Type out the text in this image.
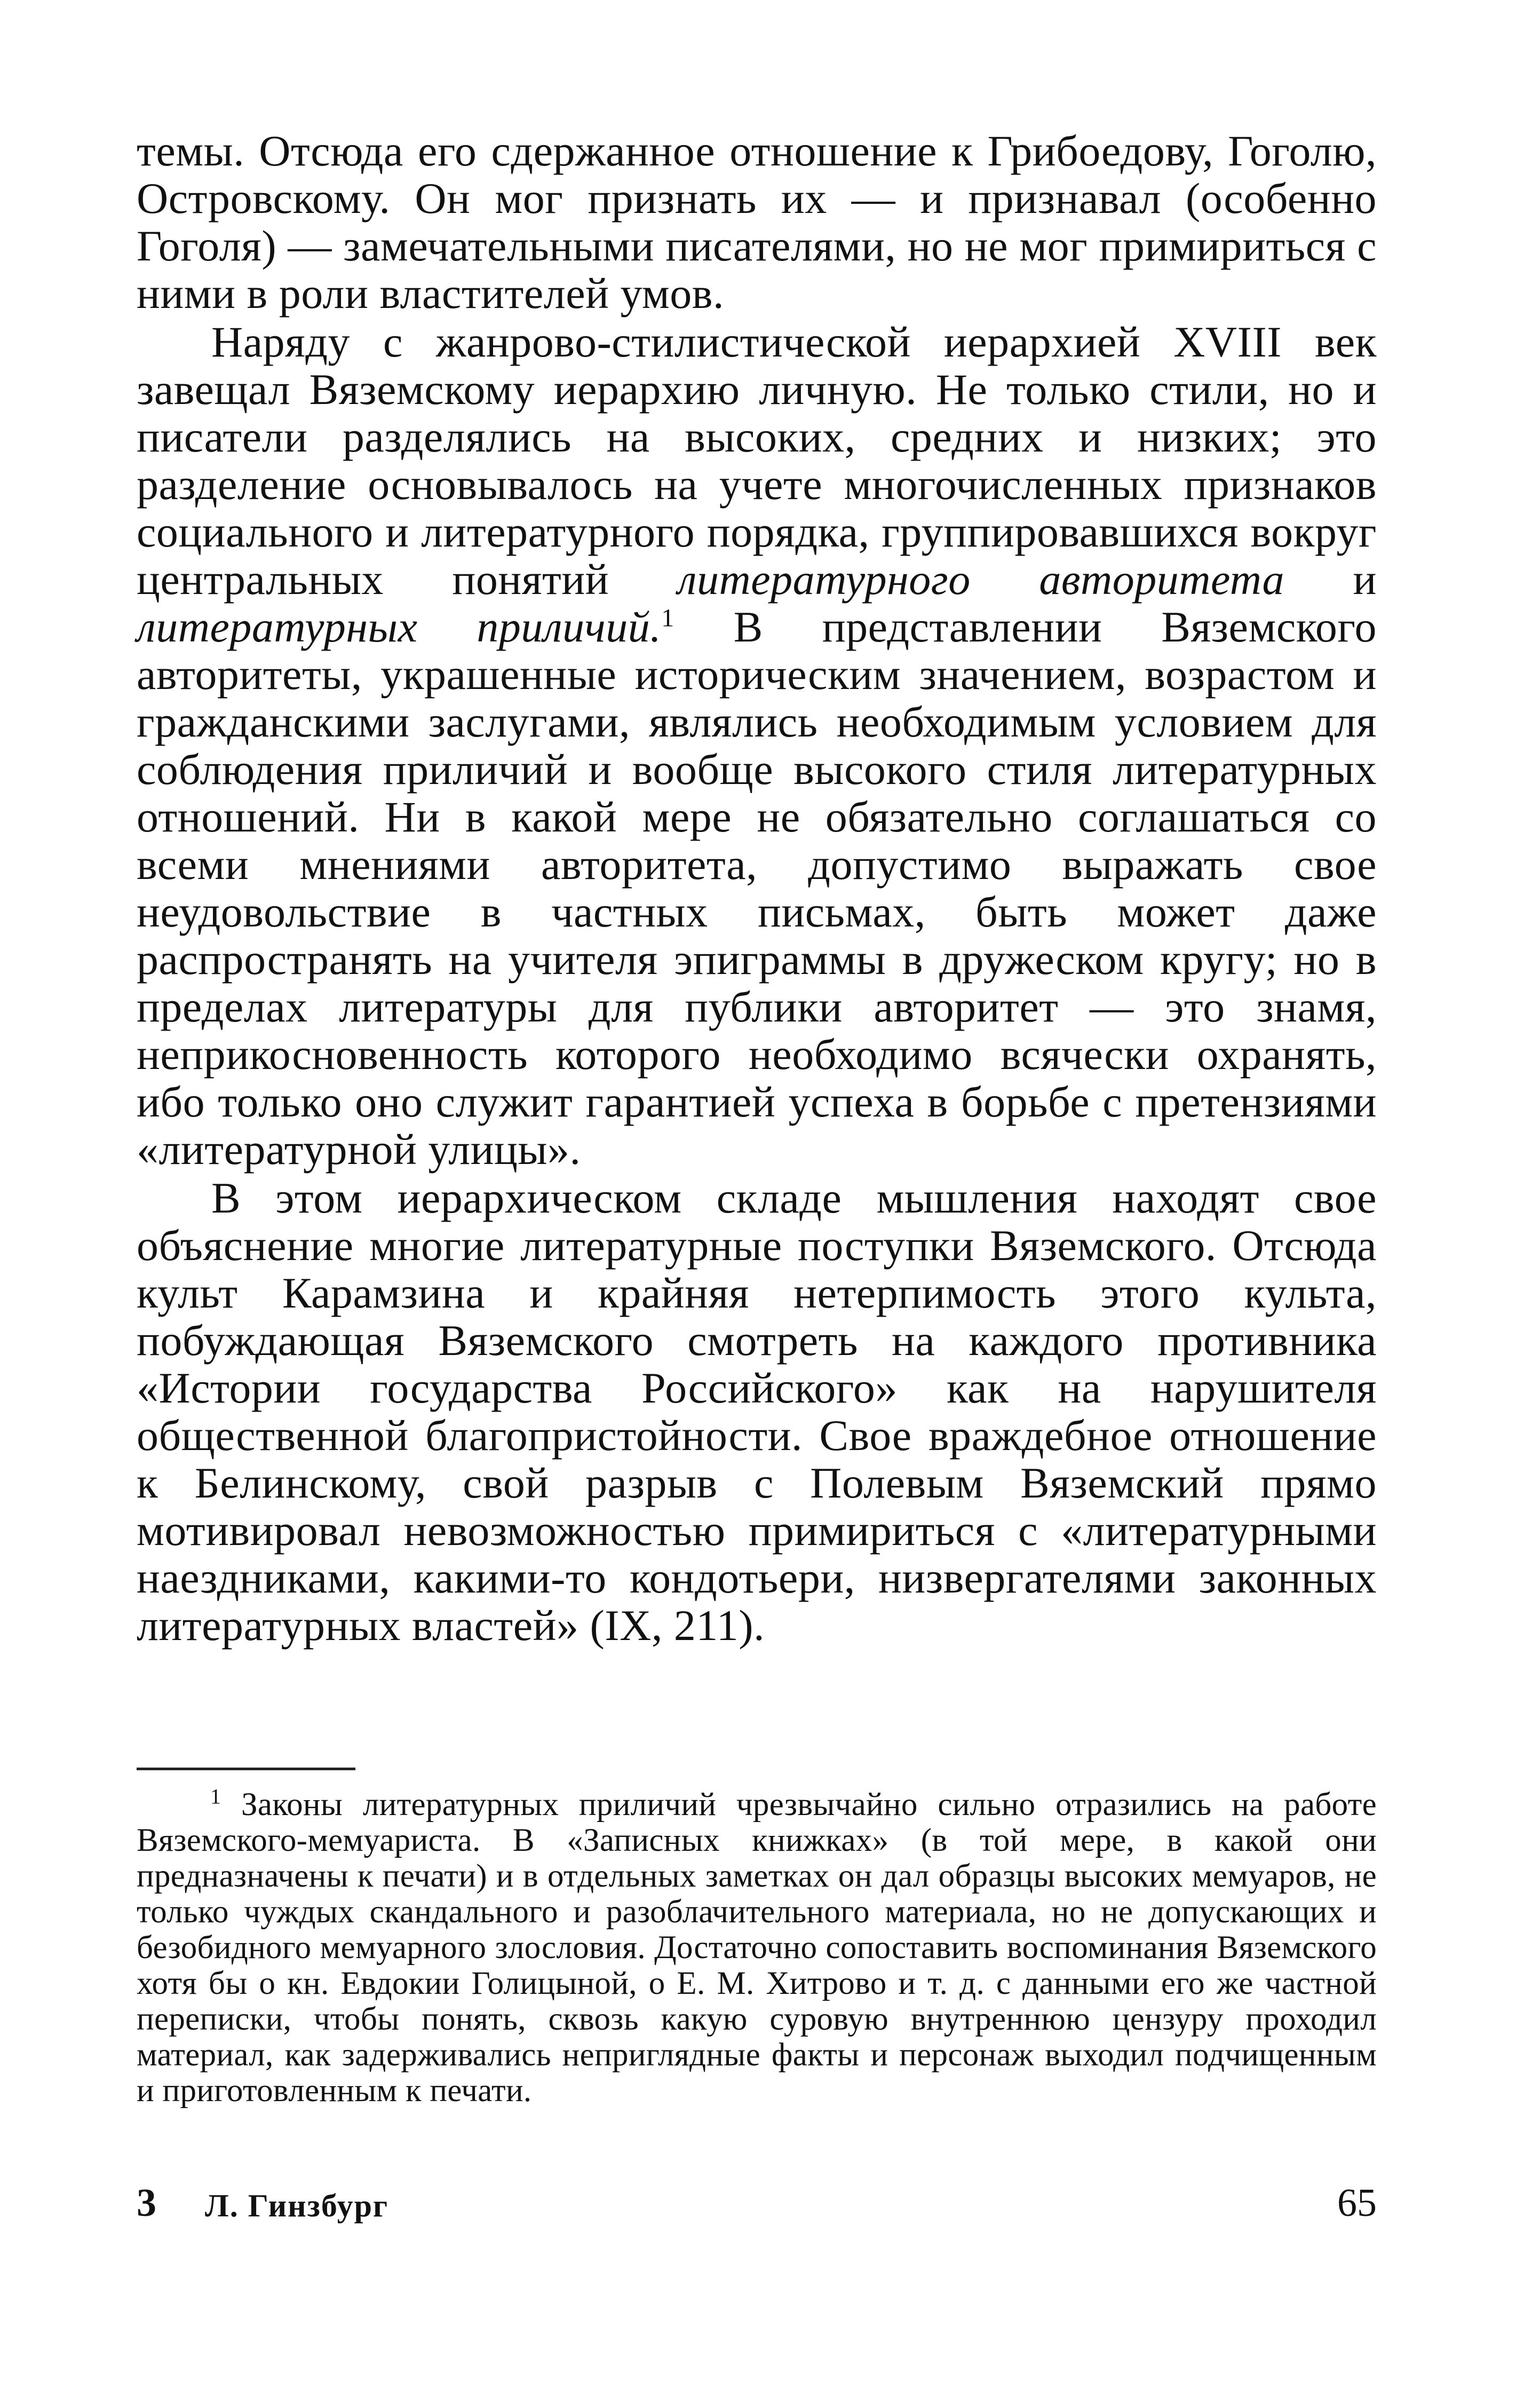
темы. Отсюда его сдержанное отношение к Грибоедову, Гоголю, Островскому. Он мог признать их — и признавал (особенно Гоголя) — замечательными писателями, но не мог примириться с ними в роли властителей умов.

Наряду с жанрово-стилистической иерархией XVIII век завещал Вяземскому иерархию личную. Не только стили, но и писатели разделялись на высоких, средних и низких; это разделение основывалось на учете многочисленных признаков социального и литературного порядка, группировавшихся вокруг центральных понятий литературного авторитета и литературных приличий.$^1$ В представлении Вяземского авторитеты, украшенные историческим значением, возрастом и гражданскими заслугами, являлись необходимым условием для соблюдения приличий и вообще высокого стиля литературных отношений. Ни в какой мере не обязательно соглашаться со всеми мнениями авторитета, допустимо выражать свое неудовольствие в частных письмах, быть может даже распространять на учителя эпиграммы в дружеском кругу; но в пределах литературы для публики авторитет — это знамя, неприкосновенность которого необходимо всячески охранять, ибо только оно служит гарантией успеха в борьбе с претензиями «литературной улицы».

В этом иерархическом складе мышления находят свое объяснение многие литературные поступки Вяземского. Отсюда культ Карамзина и крайняя нетерпимость этого культа, побуждающая Вяземского смотреть на каждого противника «Истории государства Российского» как на нарушителя общественной благопристойности. Свое враждебное отношение к Белинскому, свой разрыв с Полевым Вяземский прямо мотивировал невозможностью примириться с «литературными наездниками, какими-то кондотьери, низвергателями законных литературных властей» (IX, 211).

$^1$ Законы литературных приличий чрезвычайно сильно отразились на работе Вяземского-мемуариста. В «Записных книжках» (в той мере, в какой они предназначены к печати) и в отдельных заметках он дал образцы высоких мемуаров, не только чуждых скандального и разоблачительного материала, но не допускающих и безобидного мемуарного злословия. Достаточно сопоставить воспоминания Вяземского хотя бы о кн. Евдокии Голицыной, о Е. М. Хитрово и т. д. с данными его же частной переписки, чтобы понять, сквозь какую суровую внутреннюю цензуру проходил материал, как задерживались неприглядные факты и персонаж выходил подчищенным и приготовленным к печати.

3 Л. Гинзбург	65
